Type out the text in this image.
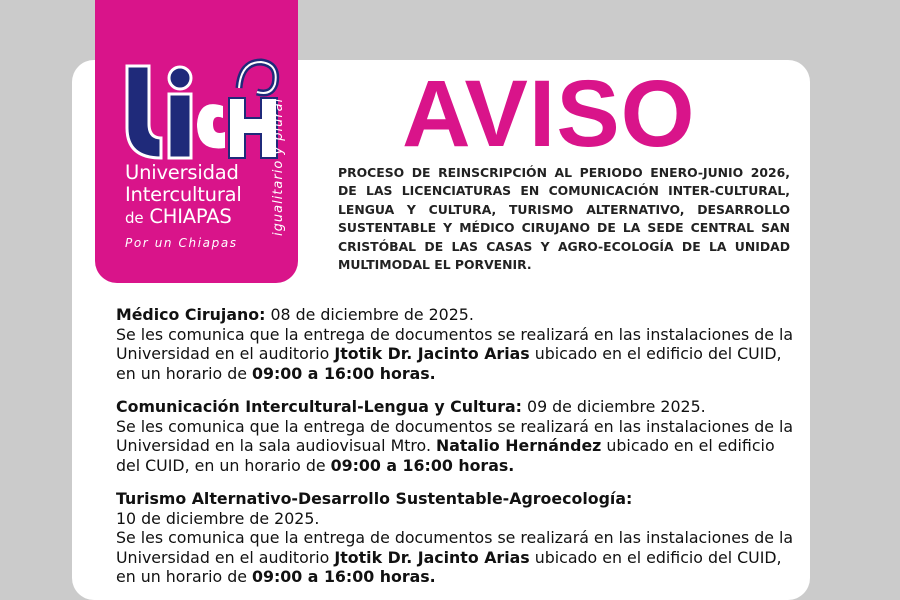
Universidad
Intercultural
de CHIAPAS
Por un Chiapas
igualitario y plural AVISO
PROCESO DE REINSCRIPCIÓN AL PERIODO ENERO-JUNIO 2026, DE LAS LICENCIATURAS EN COMUNICACIÓN INTER-CULTURAL, LENGUA Y CULTURA, TURISMO ALTERNATIVO, DESARROLLO SUSTENTABLE Y MÉDICO CIRUJANO DE LA SEDE CENTRAL SAN CRISTÓBAL DE LAS CASAS Y AGRO-ECOLOGÍA DE LA UNIDAD MULTIMODAL EL PORVENIR.

Médico Cirujano: 08 de diciembre de 2025.

Se les comunica que la entrega de documentos se realizará en las instalaciones de la Universidad en el auditorio Jtotik Dr. Jacinto Arias ubicado en el edificio del CUID, en un horario de 09:00 a 16:00 horas.

Comunicación Intercultural-Lengua y Cultura: 09 de diciembre 2025.

Se les comunica que la entrega de documentos se realizará en las instalaciones de la Universidad en la sala audiovisual Mtro. Natalio Hernández ubicado en el edificio del CUID, en un horario de 09:00 a 16:00 horas.

Turismo Alternativo-Desarrollo Sustentable-Agroecología:

10 de diciembre de 2025.

Se les comunica que la entrega de documentos se realizará en las instalaciones de la Universidad en el auditorio Jtotik Dr. Jacinto Arias ubicado en el edificio del CUID, en un horario de 09:00 a 16:00 horas.
